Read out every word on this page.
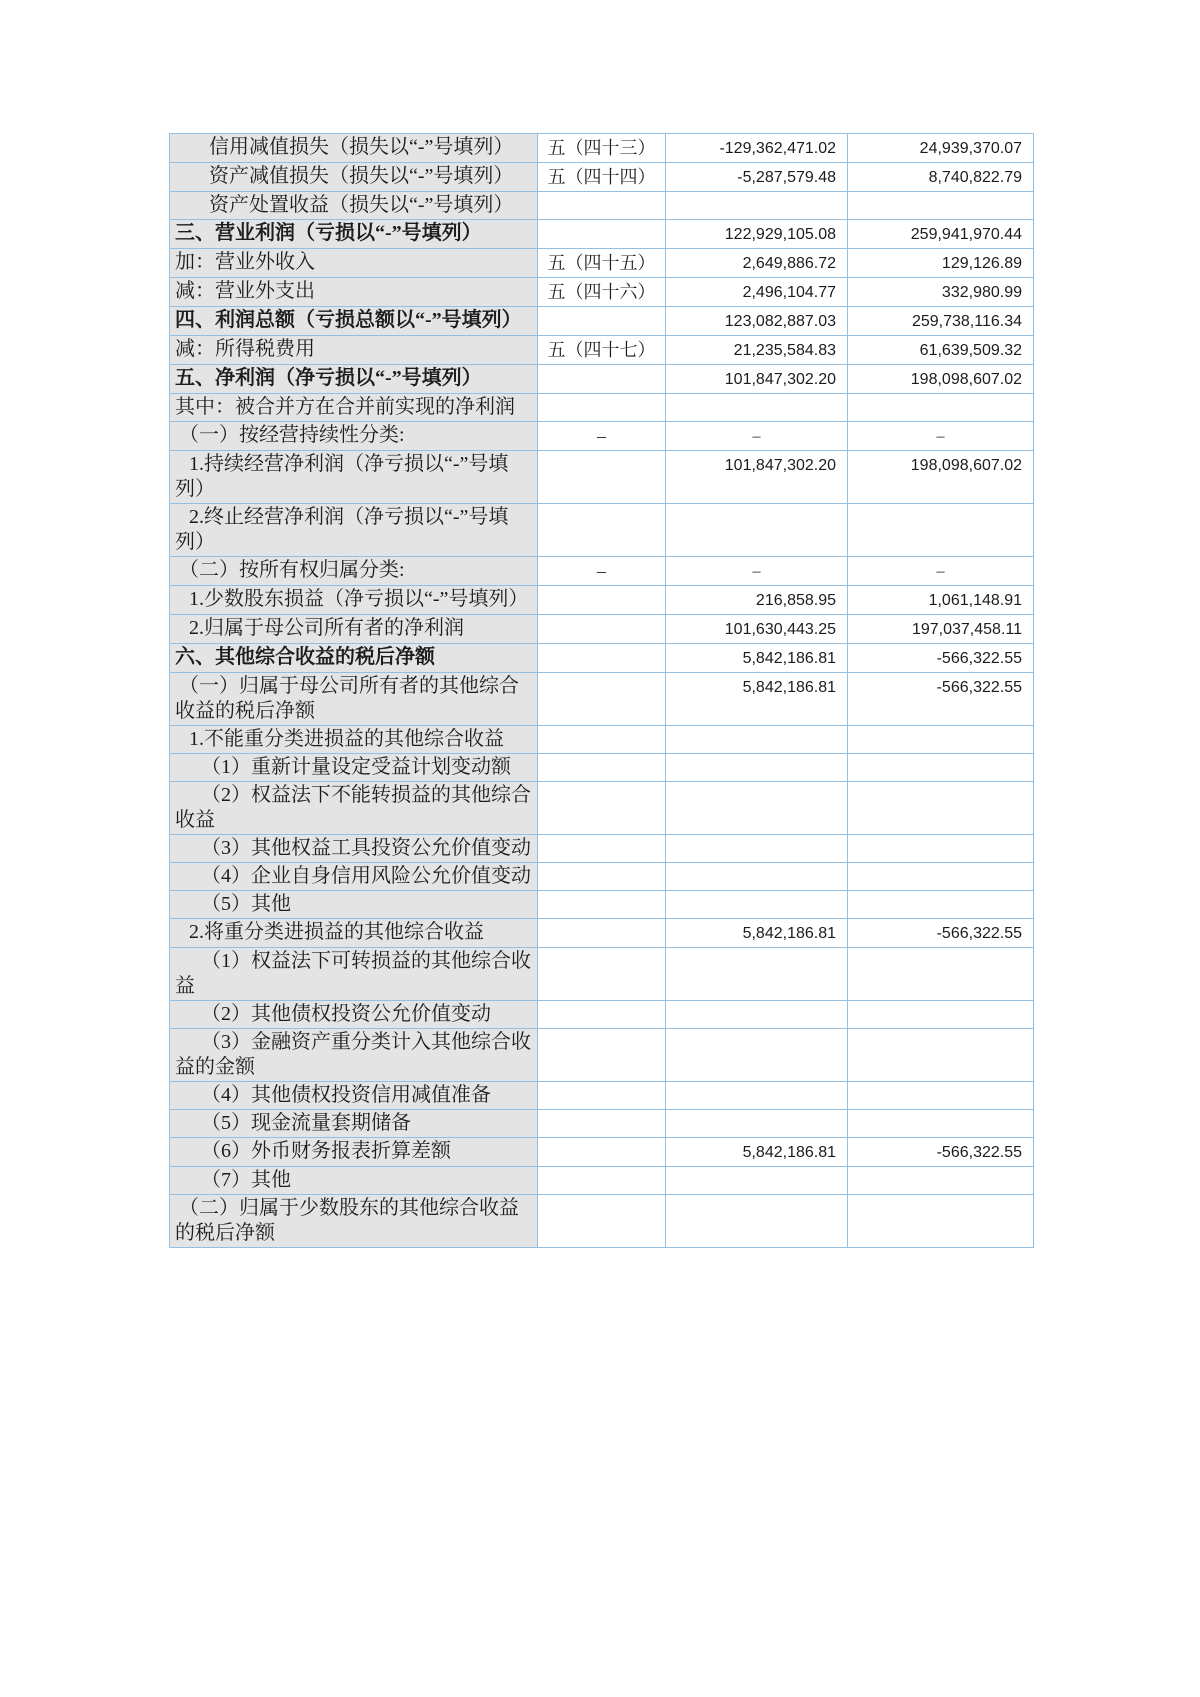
信用减值损失（损失以“-”号填列）	五（四十三）	-129,362,471.02	24,939,370.07
资产减值损失（损失以“-”号填列）	五（四十四）	-5,287,579.48	8,740,822.79
资产处置收益（损失以“-”号填列）			
三、营业利润（亏损以“-”号填列）		122,929,105.08	259,941,970.44
加：营业外收入	五（四十五）	2,649,886.72	129,126.89
减：营业外支出	五（四十六）	2,496,104.77	332,980.99
四、利润总额（亏损总额以“-”号填列）		123,082,887.03	259,738,116.34
减：所得税费用	五（四十七）	21,235,584.83	61,639,509.32
五、净利润（净亏损以“-”号填列）		101,847,302.20	198,098,607.02
其中：被合并方在合并前实现的净利润			
（一）按经营持续性分类:	–	–	–
1.持续经营净利润（净亏损以“-”号填列）		101,847,302.20	198,098,607.02
2.终止经营净利润（净亏损以“-”号填列）			
（二）按所有权归属分类:	–	–	–
1.少数股东损益（净亏损以“-”号填列）		216,858.95	1,061,148.91
2.归属于母公司所有者的净利润		101,630,443.25	197,037,458.11
六、其他综合收益的税后净额		5,842,186.81	-566,322.55
（一）归属于母公司所有者的其他综合收益的税后净额		5,842,186.81	-566,322.55
1.不能重分类进损益的其他综合收益			
（1）重新计量设定受益计划变动额			
（2）权益法下不能转损益的其他综合收益			
（3）其他权益工具投资公允价值变动			
（4）企业自身信用风险公允价值变动			
（5）其他			
2.将重分类进损益的其他综合收益		5,842,186.81	-566,322.55
（1）权益法下可转损益的其他综合收益			
（2）其他债权投资公允价值变动			
（3）金融资产重分类计入其他综合收益的金额			
（4）其他债权投资信用减值准备			
（5）现金流量套期储备			
（6）外币财务报表折算差额		5,842,186.81	-566,322.55
（7）其他			
（二）归属于少数股东的其他综合收益的税后净额			
